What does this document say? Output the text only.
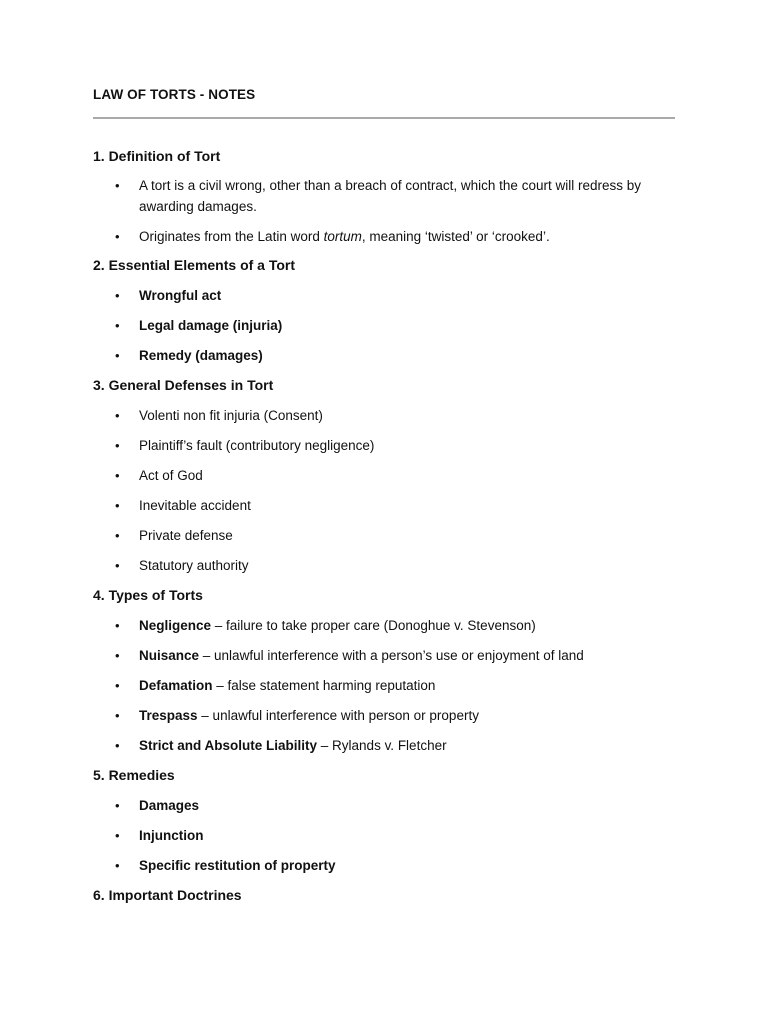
LAW OF TORTS - NOTES
1. Definition of Tort
• A tort is a civil wrong, other than a breach of contract, which the court will redress by awarding damages.
• Originates from the Latin word tortum, meaning ‘twisted’ or ‘crooked’.
2. Essential Elements of a Tort
• Wrongful act
• Legal damage (injuria)
• Remedy (damages)
3. General Defenses in Tort
• Volenti non fit injuria (Consent)
• Plaintiff’s fault (contributory negligence)
• Act of God
• Inevitable accident
• Private defense
• Statutory authority
4. Types of Torts
• Negligence – failure to take proper care (Donoghue v. Stevenson)
• Nuisance – unlawful interference with a person’s use or enjoyment of land
• Defamation – false statement harming reputation
• Trespass – unlawful interference with person or property
• Strict and Absolute Liability – Rylands v. Fletcher
5. Remedies
• Damages
• Injunction
• Specific restitution of property
6. Important Doctrines
